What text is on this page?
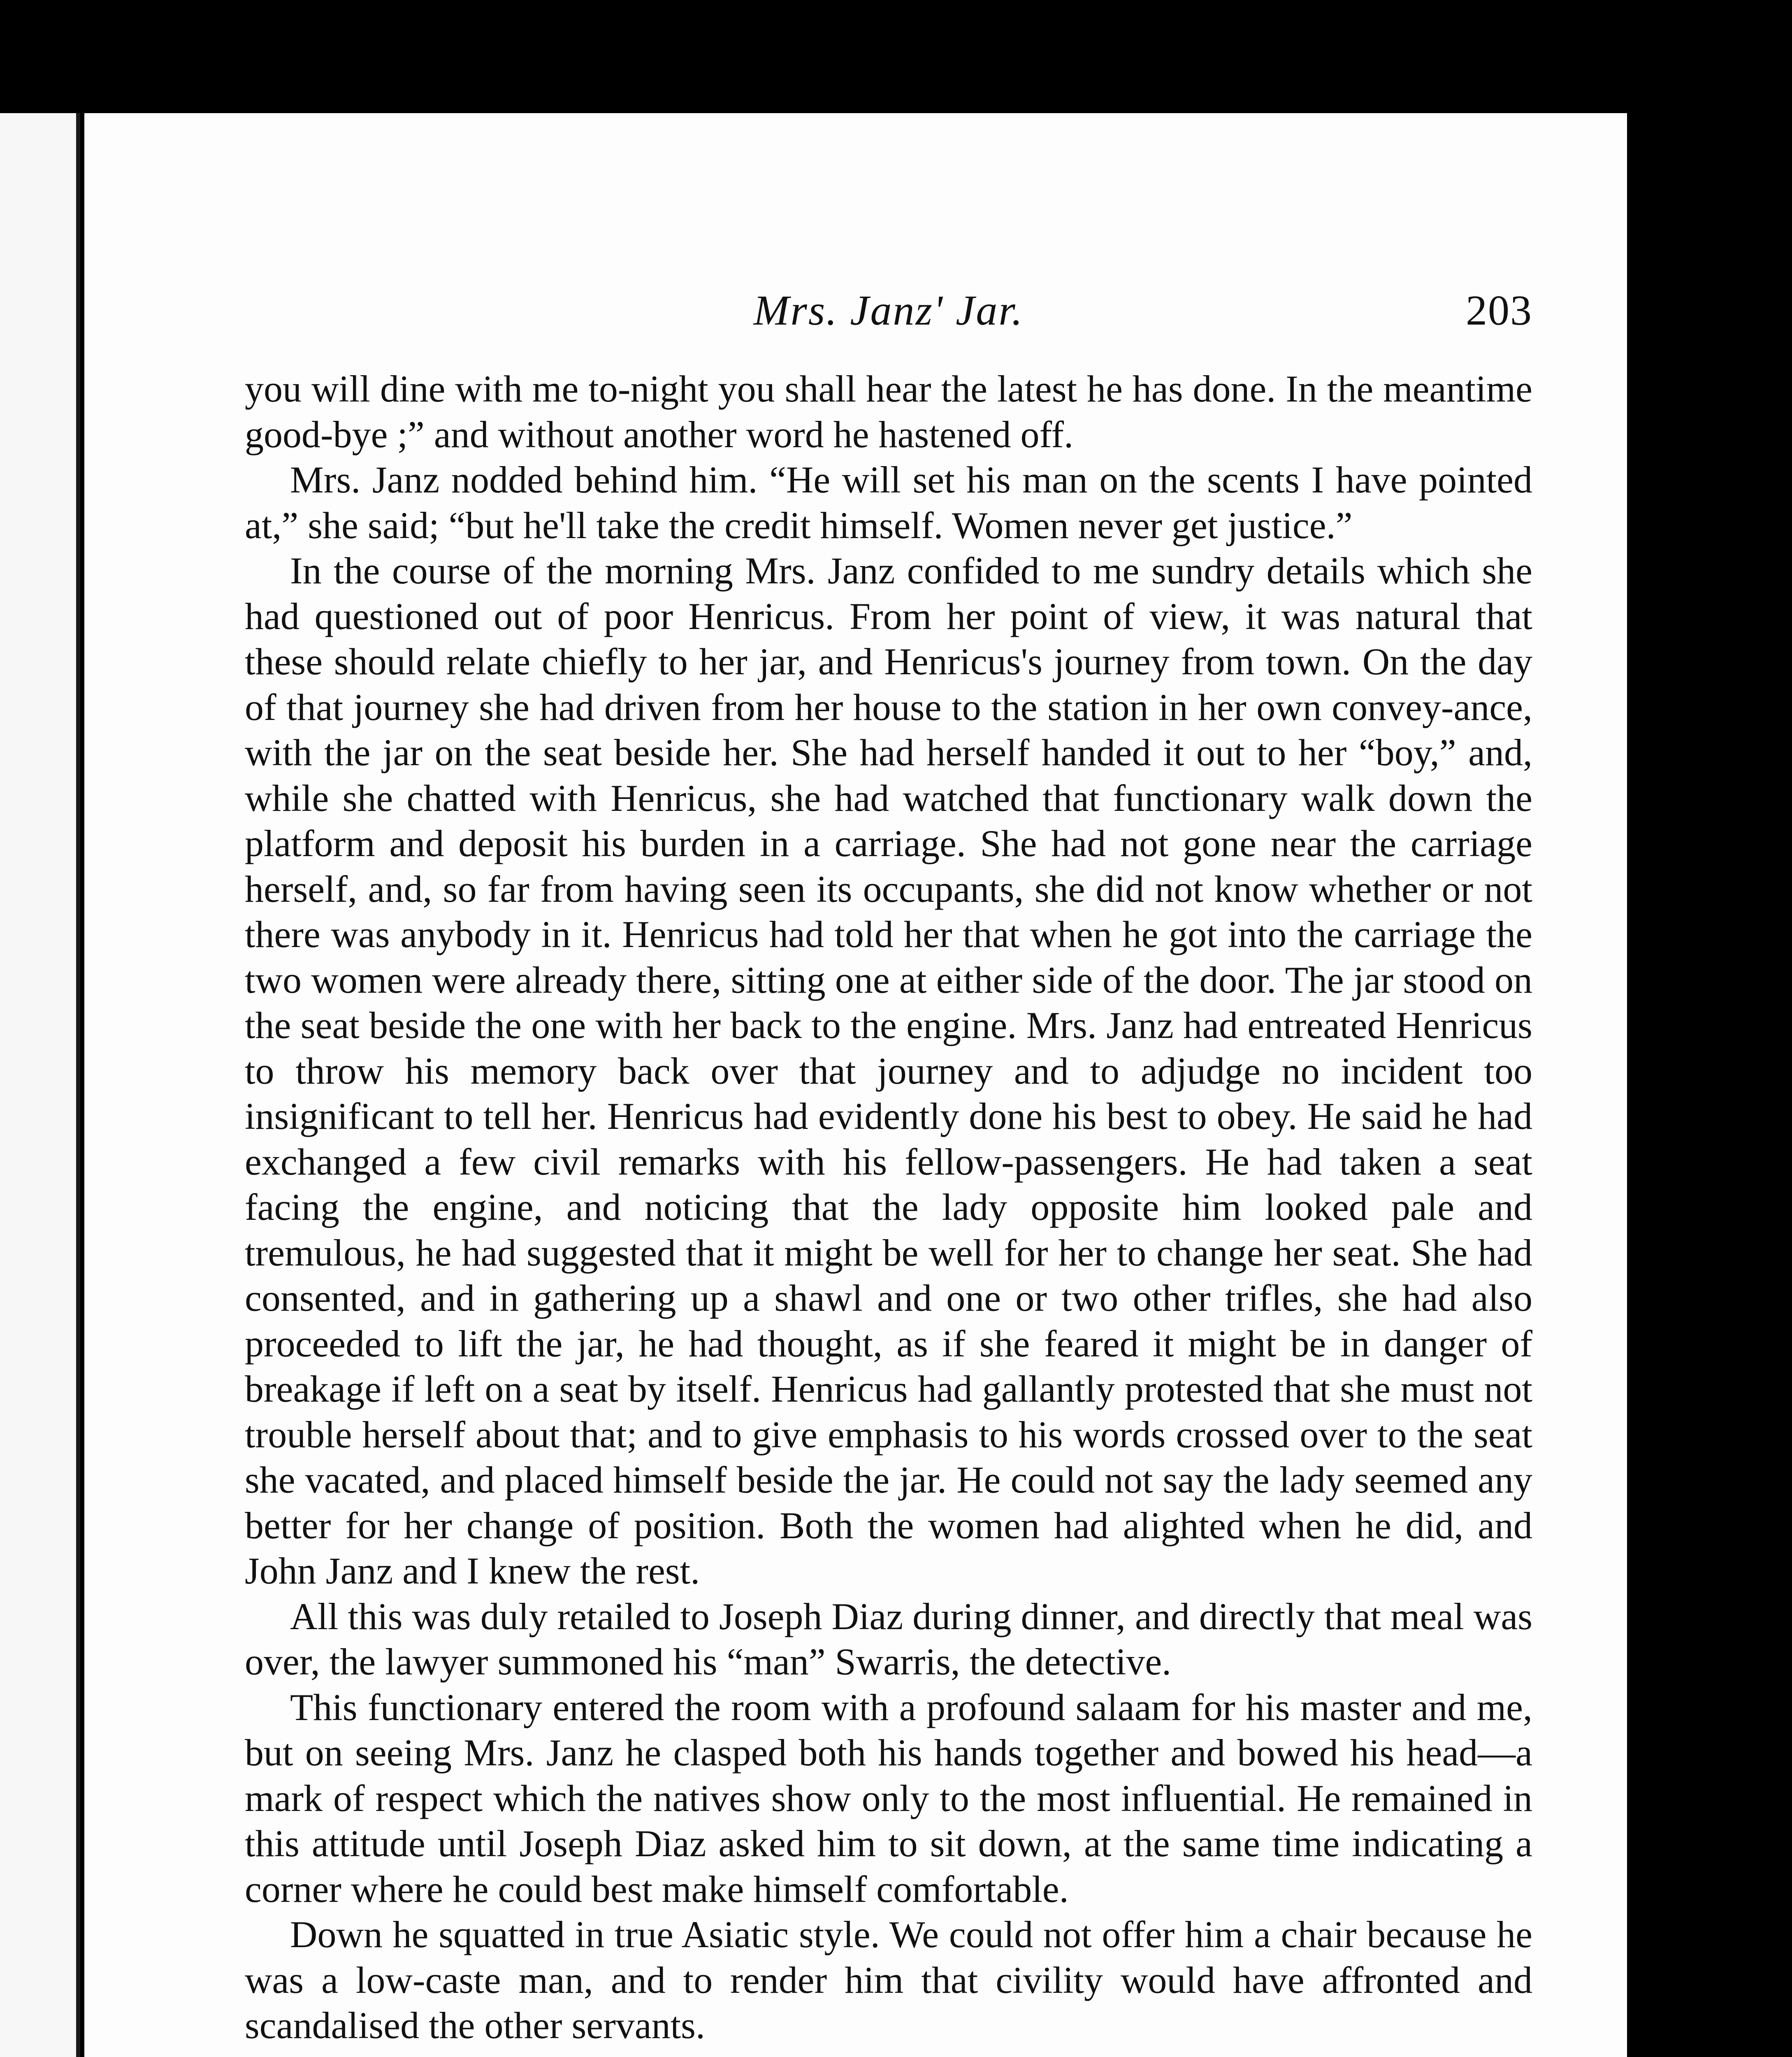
Mrs. Janz' Jar.	203

you will dine with me to-night you shall hear the latest he has done. In the meantime good-bye ;” and without another word he hastened off.

Mrs. Janz nodded behind him. “He will set his man on the scents I have pointed at,” she said; “but he'll take the credit himself. Women never get justice.”

In the course of the morning Mrs. Janz confided to me sundry details which she had questioned out of poor Henricus. From her point of view, it was natural that these should relate chiefly to her jar, and Henricus's journey from town. On the day of that journey she had driven from her house to the station in her own convey-ance, with the jar on the seat beside her. She had herself handed it out to her “boy,” and, while she chatted with Henricus, she had watched that functionary walk down the platform and deposit his burden in a carriage. She had not gone near the carriage herself, and, so far from having seen its occupants, she did not know whether or not there was anybody in it. Henricus had told her that when he got into the carriage the two women were already there, sitting one at either side of the door. The jar stood on the seat beside the one with her back to the engine. Mrs. Janz had entreated Henricus to throw his memory back over that journey and to adjudge no incident too insignificant to tell her. Henricus had evidently done his best to obey. He said he had exchanged a few civil remarks with his fellow-passengers. He had taken a seat facing the engine, and noticing that the lady opposite him looked pale and tremulous, he had suggested that it might be well for her to change her seat. She had consented, and in gathering up a shawl and one or two other trifles, she had also proceeded to lift the jar, he had thought, as if she feared it might be in danger of breakage if left on a seat by itself. Henricus had gallantly protested that she must not trouble herself about that; and to give emphasis to his words crossed over to the seat she vacated, and placed himself beside the jar. He could not say the lady seemed any better for her change of position. Both the women had alighted when he did, and John Janz and I knew the rest.

All this was duly retailed to Joseph Diaz during dinner, and directly that meal was over, the lawyer summoned his “man” Swarris, the detective.

This functionary entered the room with a profound salaam for his master and me, but on seeing Mrs. Janz he clasped both his hands together and bowed his head—a mark of respect which the natives show only to the most influential. He remained in this attitude until Joseph Diaz asked him to sit down, at the same time indicating a corner where he could best make himself comfortable.

Down he squatted in true Asiatic style. We could not offer him a chair because he was a low-caste man, and to render him that civility would have affronted and scandalised the other servants.
